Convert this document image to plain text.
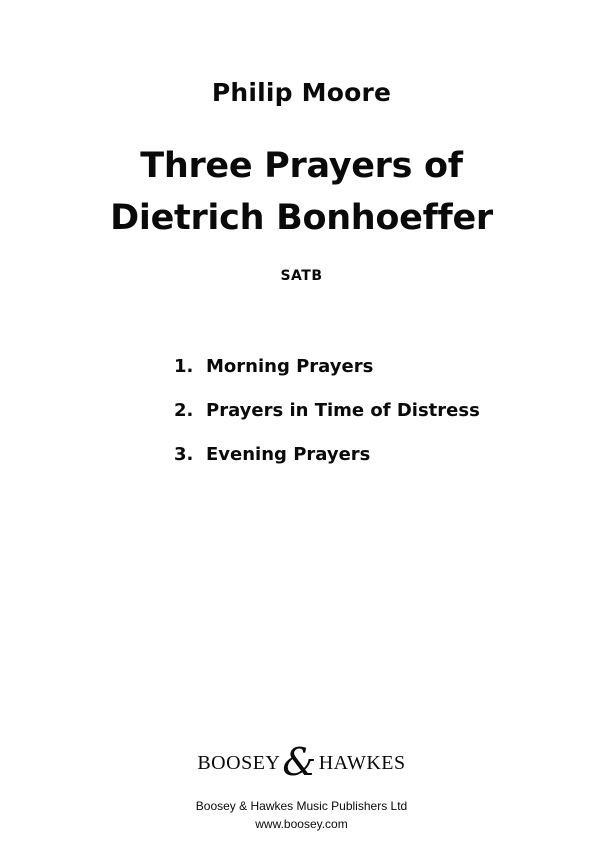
Philip Moore
Three Prayers of
Dietrich Bonhoeffer
SATB
1. Morning Prayers
2. Prayers in Time of Distress
3. Evening Prayers
BOOSEY& HAWKES
Boosey & Hawkes Music Publishers Ltd
www.boosey.com
